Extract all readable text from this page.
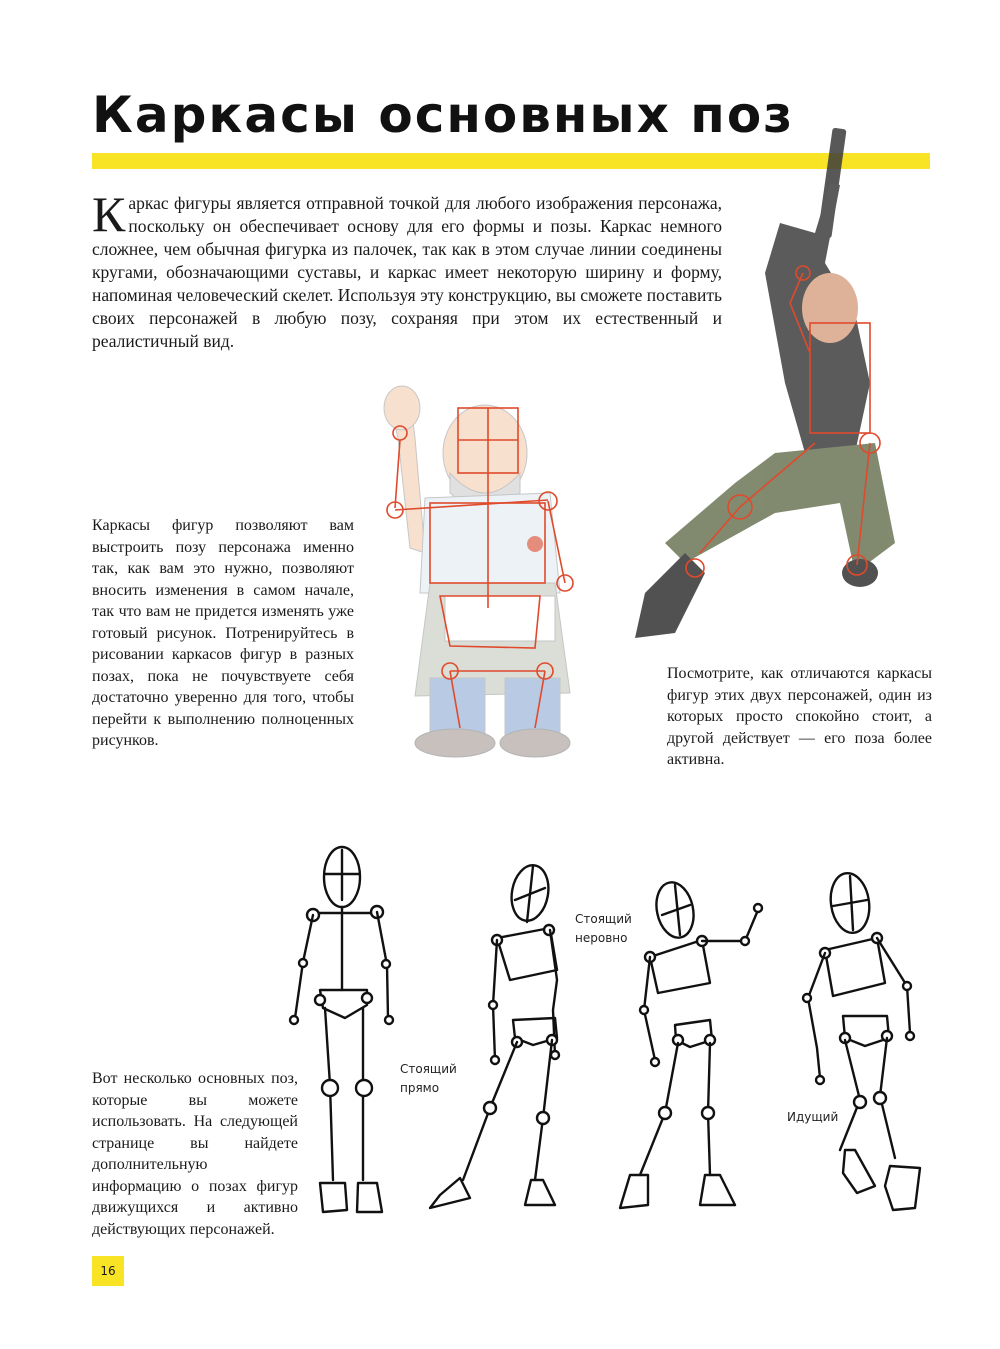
Каркасы основных поз

Каркас фигуры является отправной точкой для любого изображения персонажа, поскольку он обеспечивает основу для его формы и позы. Каркас немного сложнее, чем обычная фигурка из палочек, так как в этом случае линии соединены кругами, обозначающими суставы, и каркас имеет некоторую ширину и форму, напоминая человеческий скелет. Используя эту конструкцию, вы сможете поставить своих персонажей в любую позу, сохраняя при этом их естественный и реалистичный вид.

Каркасы фигур позволяют вам выстроить позу персонажа именно так, как вам это нужно, позволяют вносить изменения в самом начале, так что вам не придется изменять уже готовый рисунок. Потренируйтесь в рисовании каркасов фигур в разных позах, пока не почувствуете себя достаточно уверенно для того, чтобы перейти к выполнению полноценных рисунков.

Посмотрите, как отличаются каркасы фигур этих двух персонажей, один из которых просто спокойно стоит, а другой действует –– его поза более активна.

Стоящий прямо
Стоящий неровно
Идущий

Вот несколько основных поз, которые вы можете использовать. На следующей странице вы найдете дополнительную информацию о позах фигур движущихся и активно действующих персонажей.

16
